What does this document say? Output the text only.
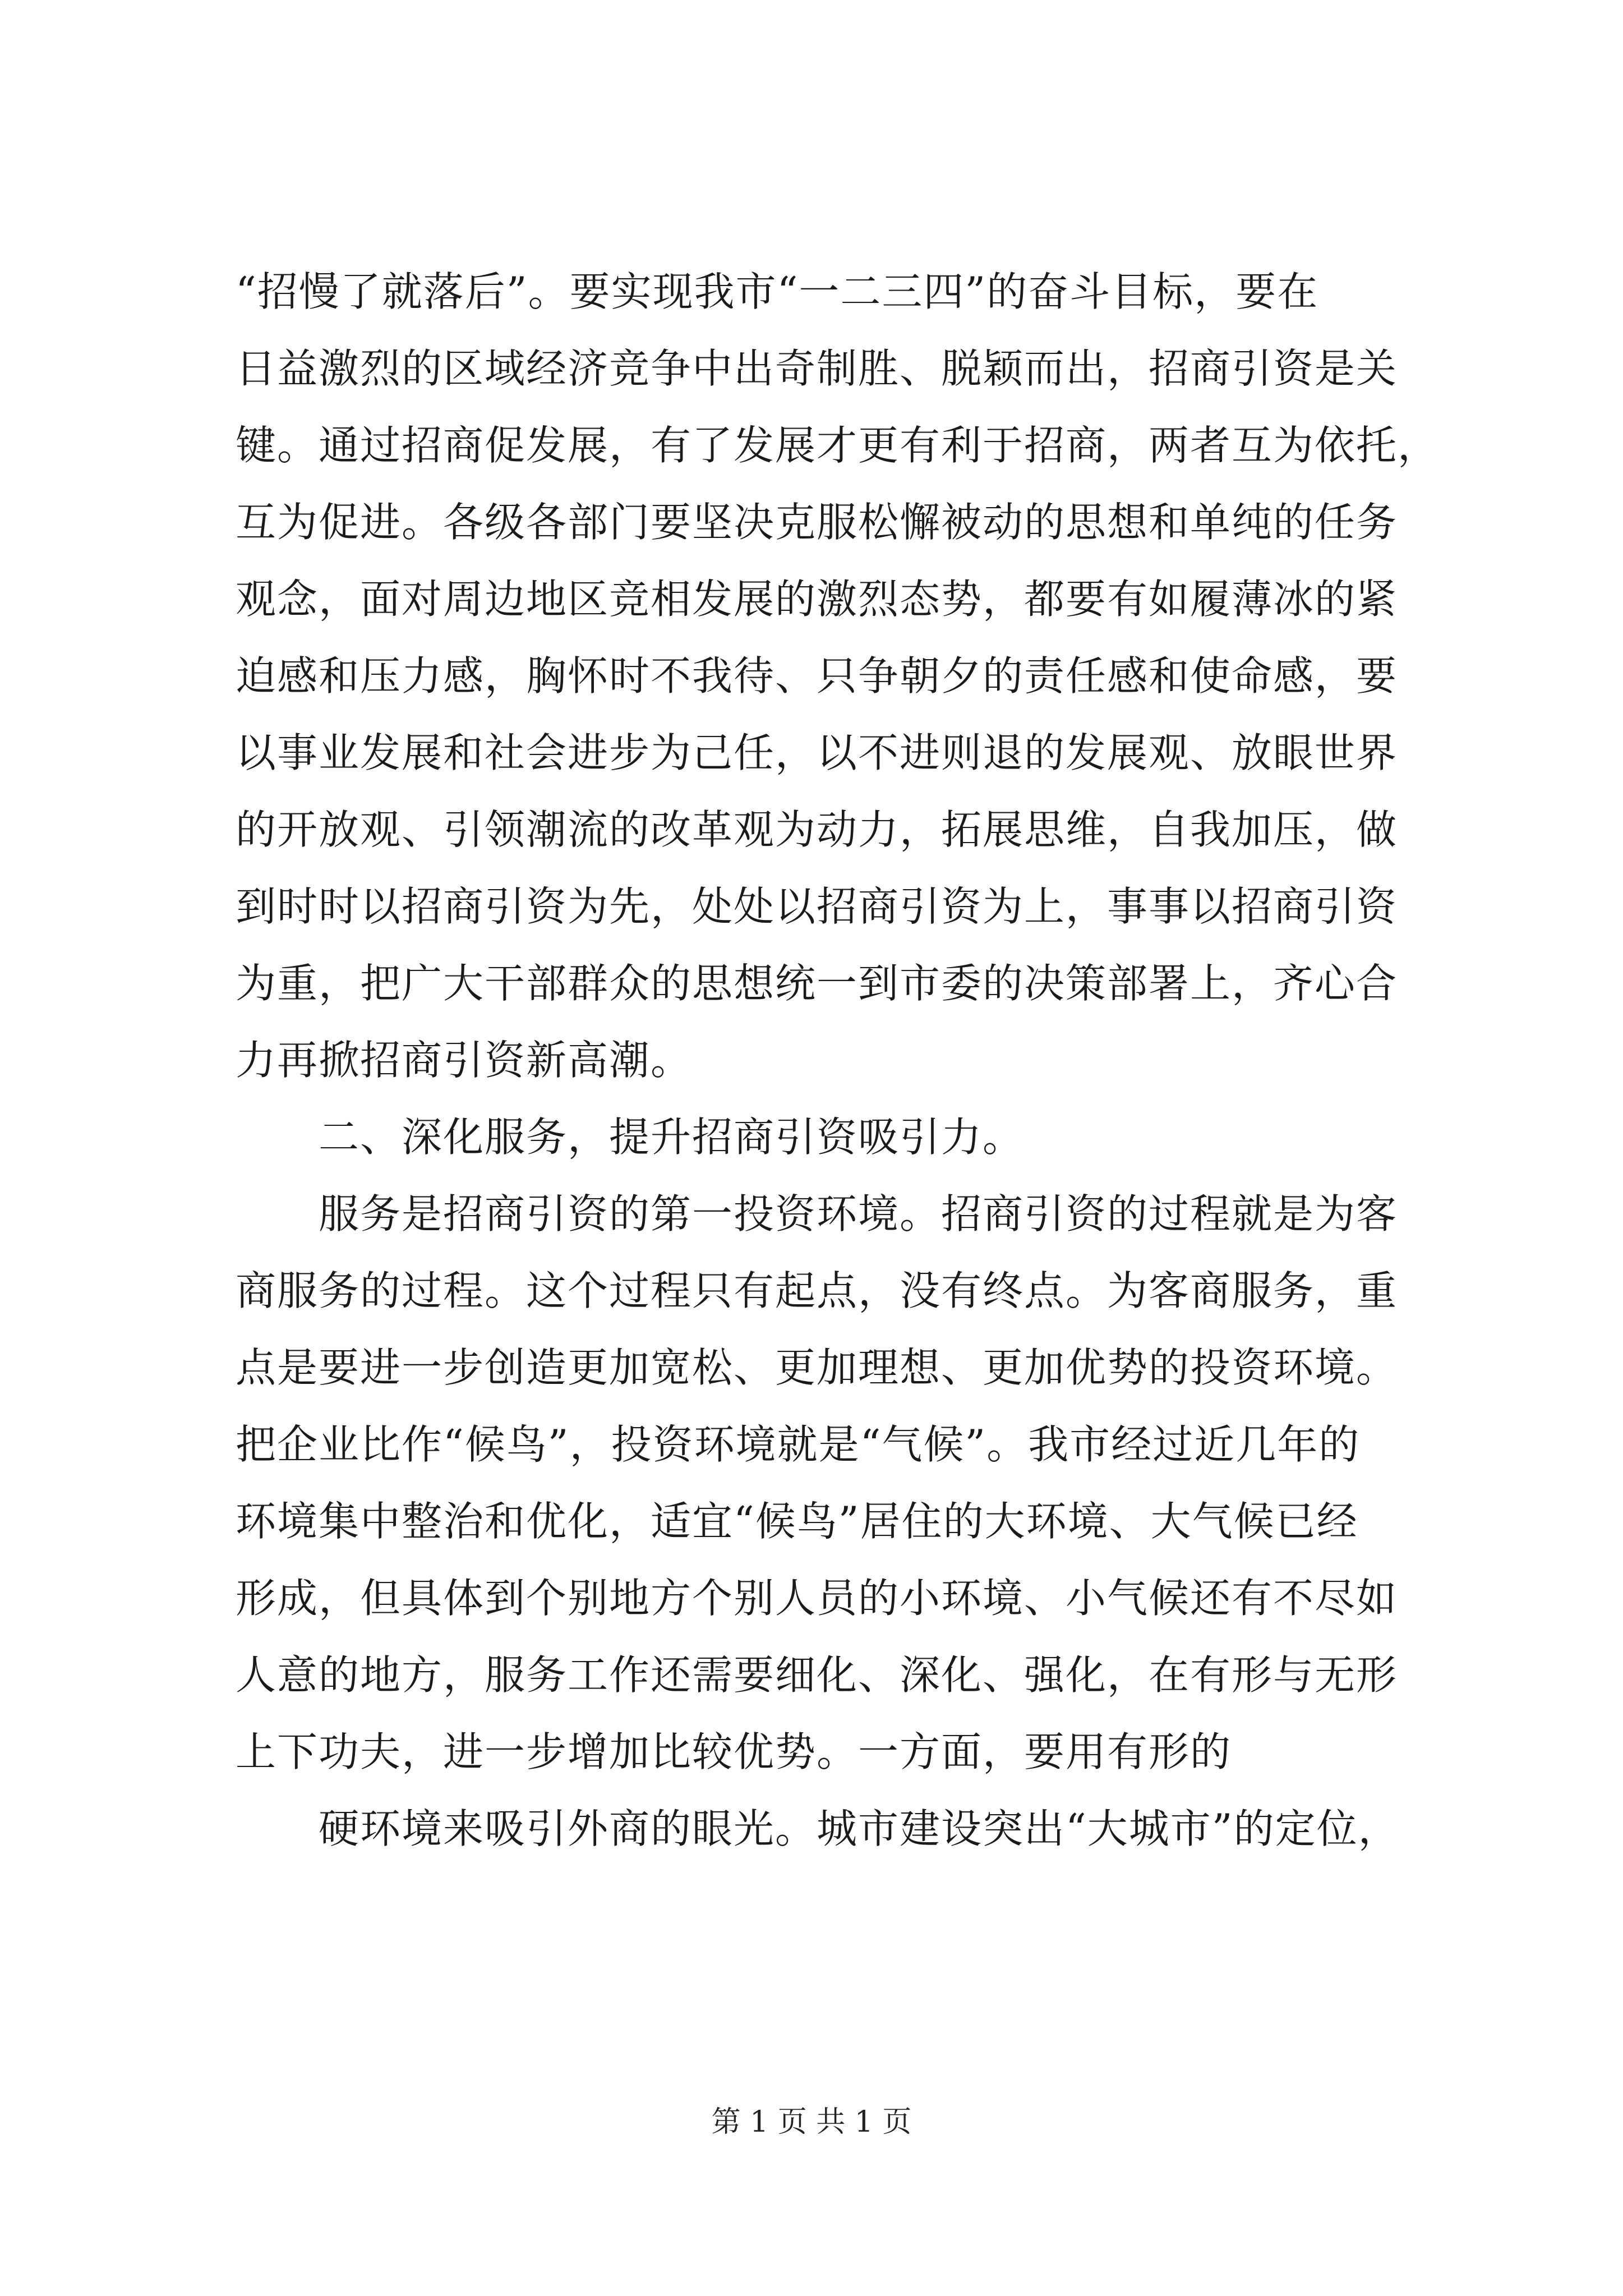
“招慢了就落后”。要实现我市“一二三四”的奋斗目标，要在
日益激烈的区域经济竞争中出奇制胜、脱颖而出，招商引资是关
键。通过招商促发展，有了发展才更有利于招商，两者互为依托，
互为促进。各级各部门要坚决克服松懈被动的思想和单纯的任务
观念，面对周边地区竞相发展的激烈态势，都要有如履薄冰的紧
迫感和压力感，胸怀时不我待、只争朝夕的责任感和使命感，要
以事业发展和社会进步为己任，以不进则退的发展观、放眼世界
的开放观、引领潮流的改革观为动力，拓展思维，自我加压，做
到时时以招商引资为先，处处以招商引资为上，事事以招商引资
为重，把广大干部群众的思想统一到市委的决策部署上，齐心合
力再掀招商引资新高潮。
二、深化服务，提升招商引资吸引力。
服务是招商引资的第一投资环境。招商引资的过程就是为客
商服务的过程。这个过程只有起点，没有终点。为客商服务，重
点是要进一步创造更加宽松、更加理想、更加优势的投资环境。
把企业比作“候鸟”，投资环境就是“气候”。我市经过近几年的
环境集中整治和优化，适宜“候鸟”居住的大环境、大气候已经
形成，但具体到个别地方个别人员的小环境、小气候还有不尽如
人意的地方，服务工作还需要细化、深化、强化，在有形与无形
上下功夫，进一步增加比较优势。一方面，要用有形的
硬环境来吸引外商的眼光。城市建设突出“大城市”的定位，
第 1 页 共 1 页
